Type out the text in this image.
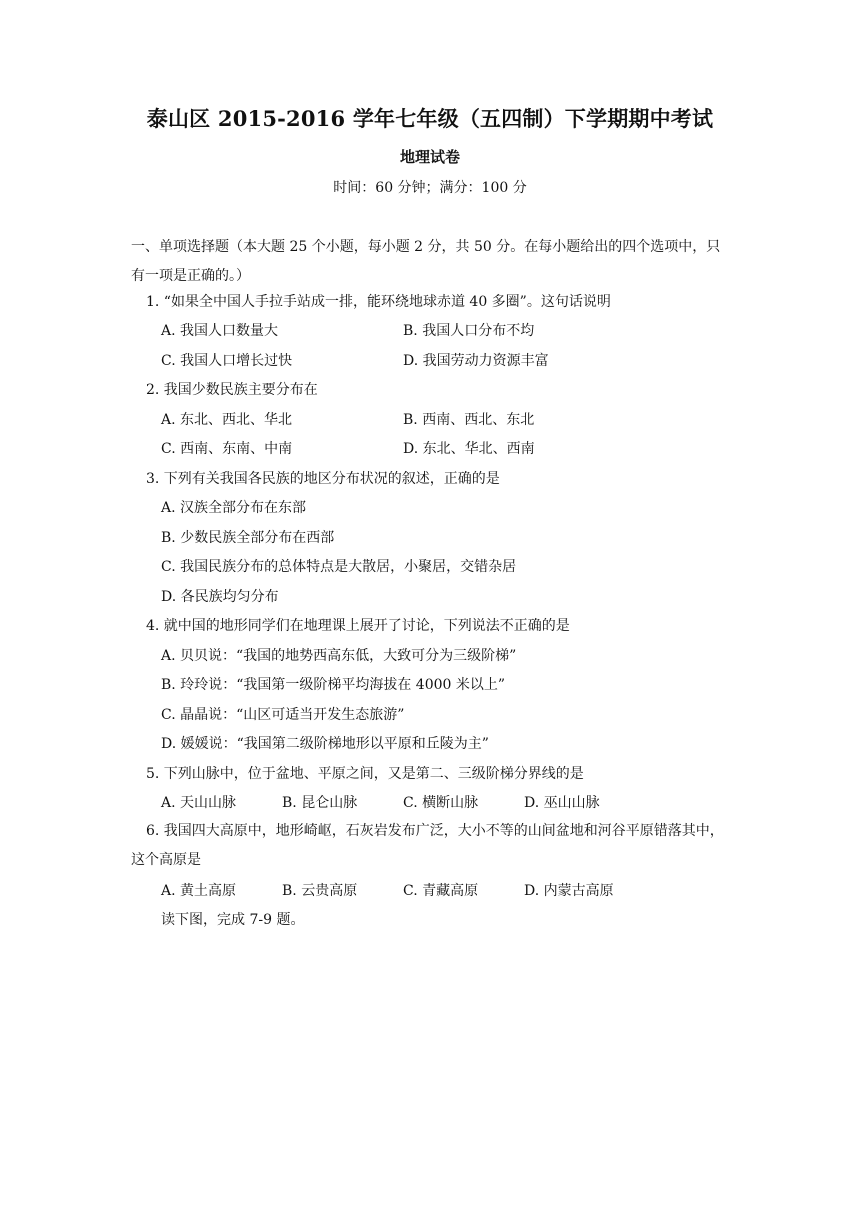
泰山区 2015-2016 学年七年级（五四制）下学期期中考试
地理试卷
时间：60 分钟；满分：100 分
一、单项选择题（本大题 25 个小题，每小题 2 分，共 50 分。在每小题给出的四个选项中，只有一项是正确的。）
1. “如果全中国人手拉手站成一排，能环绕地球赤道 40 多圈”。这句话说明
A. 我国人口数量大	B. 我国人口分布不均
C. 我国人口增长过快	D. 我国劳动力资源丰富
2. 我国少数民族主要分布在
A. 东北、西北、华北	B. 西南、西北、东北
C. 西南、东南、中南	D. 东北、华北、西南
3. 下列有关我国各民族的地区分布状况的叙述，正确的是
A. 汉族全部分布在东部
B. 少数民族全部分布在西部
C. 我国民族分布的总体特点是大散居，小聚居，交错杂居
D. 各民族均匀分布
4. 就中国的地形同学们在地理课上展开了讨论，下列说法不正确的是
A. 贝贝说：“我国的地势西高东低，大致可分为三级阶梯”
B. 玲玲说：“我国第一级阶梯平均海拔在 4000 米以上”
C. 晶晶说：“山区可适当开发生态旅游”
D. 媛媛说：“我国第二级阶梯地形以平原和丘陵为主”
5. 下列山脉中，位于盆地、平原之间，又是第二、三级阶梯分界线的是
A. 天山山脉	B. 昆仑山脉	C. 横断山脉	D. 巫山山脉
6. 我国四大高原中，地形崎岖，石灰岩发布广泛，大小不等的山间盆地和河谷平原错落其中，这个高原是
A. 黄土高原	B. 云贵高原	C. 青藏高原	D. 内蒙古高原
读下图，完成 7-9 题。
